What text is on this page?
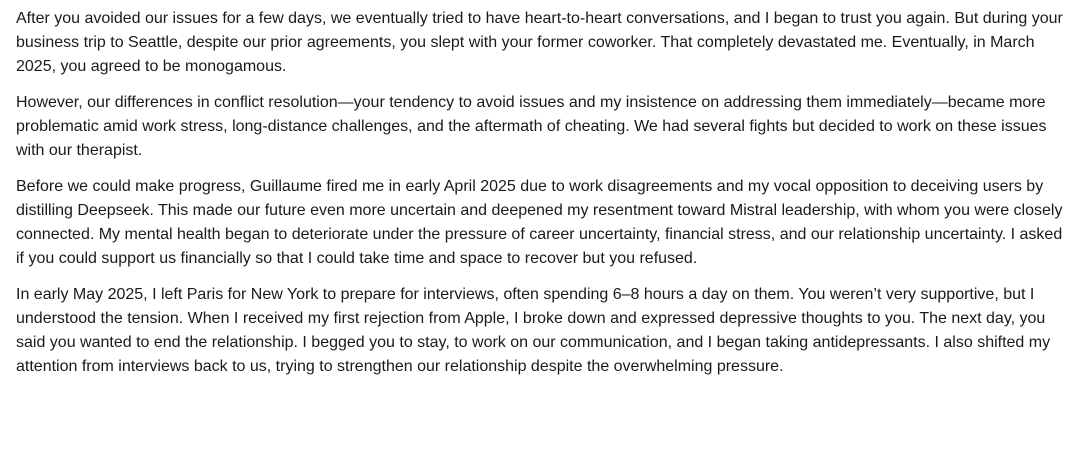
After you avoided our issues for a few days, we eventually tried to have heart-to-heart conversations, and I began to trust you again. But during your business trip to Seattle, despite our prior agreements, you slept with your former coworker. That completely devastated me. Eventually, in March 2025, you agreed to be monogamous.

However, our differences in conflict resolution—your tendency to avoid issues and my insistence on addressing them immediately—became more problematic amid work stress, long-distance challenges, and the aftermath of cheating. We had several fights but decided to work on these issues with our therapist.

Before we could make progress, Guillaume fired me in early April 2025 due to work disagreements and my vocal opposition to deceiving users by distilling Deepseek. This made our future even more uncertain and deepened my resentment toward Mistral leadership, with whom you were closely connected. My mental health began to deteriorate under the pressure of career uncertainty, financial stress, and our relationship uncertainty. I asked if you could support us financially so that I could take time and space to recover but you refused.

In early May 2025, I left Paris for New York to prepare for interviews, often spending 6–8 hours a day on them. You weren’t very supportive, but I understood the tension. When I received my first rejection from Apple, I broke down and expressed depressive thoughts to you. The next day, you said you wanted to end the relationship. I begged you to stay, to work on our communication, and I began taking antidepressants. I also shifted my attention from interviews back to us, trying to strengthen our relationship despite the overwhelming pressure.
